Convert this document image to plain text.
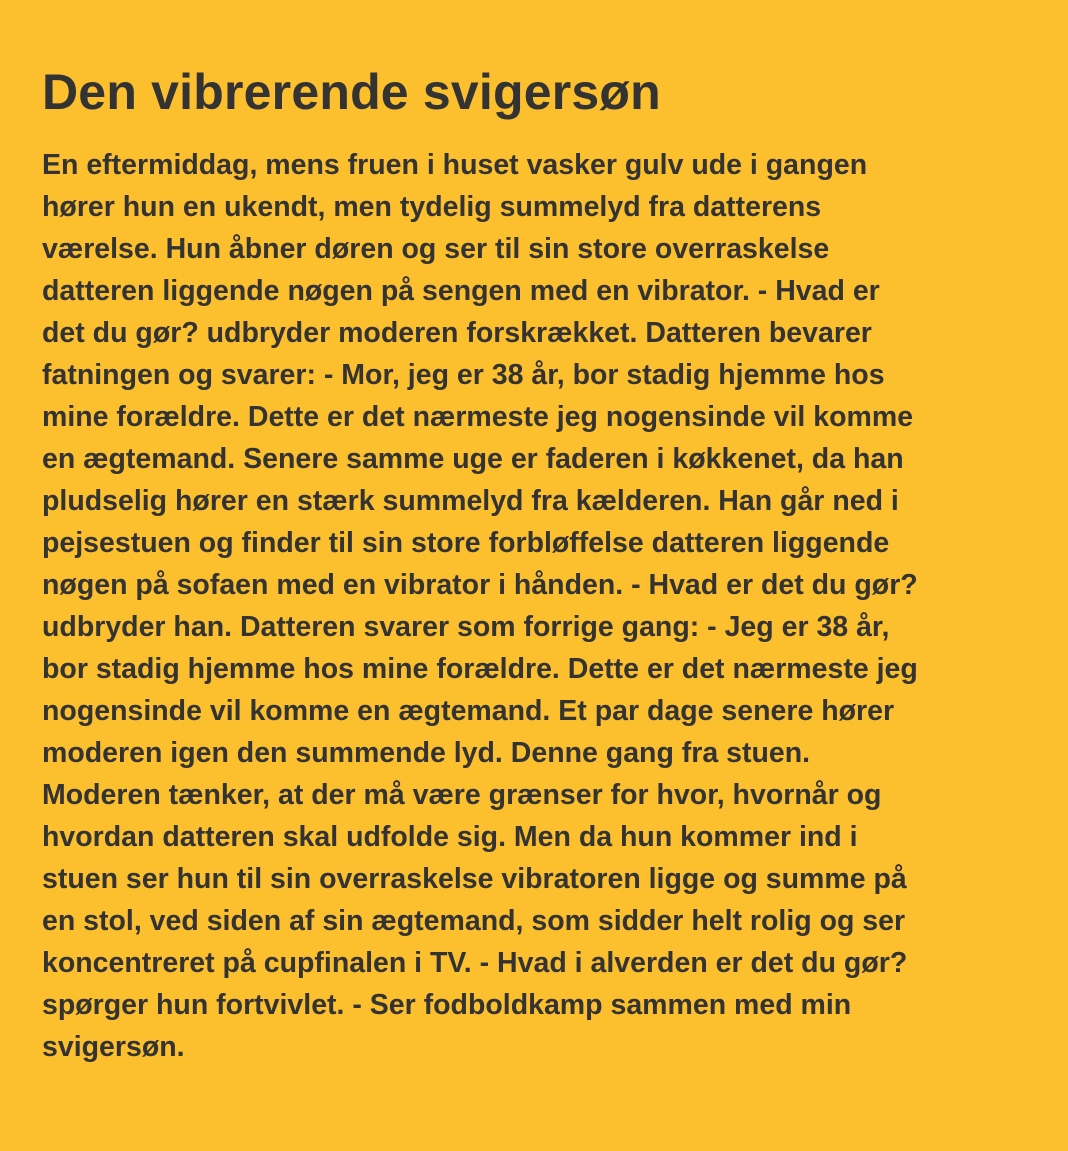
Den vibrerende svigersøn

En eftermiddag, mens fruen i huset vasker gulv ude i gangen
hører hun en ukendt, men tydelig summelyd fra datterens
værelse. Hun åbner døren og ser til sin store overraskelse
datteren liggende nøgen på sengen med en vibrator. - Hvad er
det du gør? udbryder moderen forskrækket. Datteren bevarer
fatningen og svarer: - Mor, jeg er 38 år, bor stadig hjemme hos
mine forældre. Dette er det nærmeste jeg nogensinde vil komme
en ægtemand. Senere samme uge er faderen i køkkenet, da han
pludselig hører en stærk summelyd fra kælderen. Han går ned i
pejsestuen og finder til sin store forbløffelse datteren liggende
nøgen på sofaen med en vibrator i hånden. - Hvad er det du gør?
udbryder han. Datteren svarer som forrige gang: - Jeg er 38 år,
bor stadig hjemme hos mine forældre. Dette er det nærmeste jeg
nogensinde vil komme en ægtemand. Et par dage senere hører
moderen igen den summende lyd. Denne gang fra stuen.
Moderen tænker, at der må være grænser for hvor, hvornår og
hvordan datteren skal udfolde sig. Men da hun kommer ind i
stuen ser hun til sin overraskelse vibratoren ligge og summe på
en stol, ved siden af sin ægtemand, som sidder helt rolig og ser
koncentreret på cupfinalen i TV. - Hvad i alverden er det du gør?
spørger hun fortvivlet. - Ser fodboldkamp sammen med min
svigersøn.
